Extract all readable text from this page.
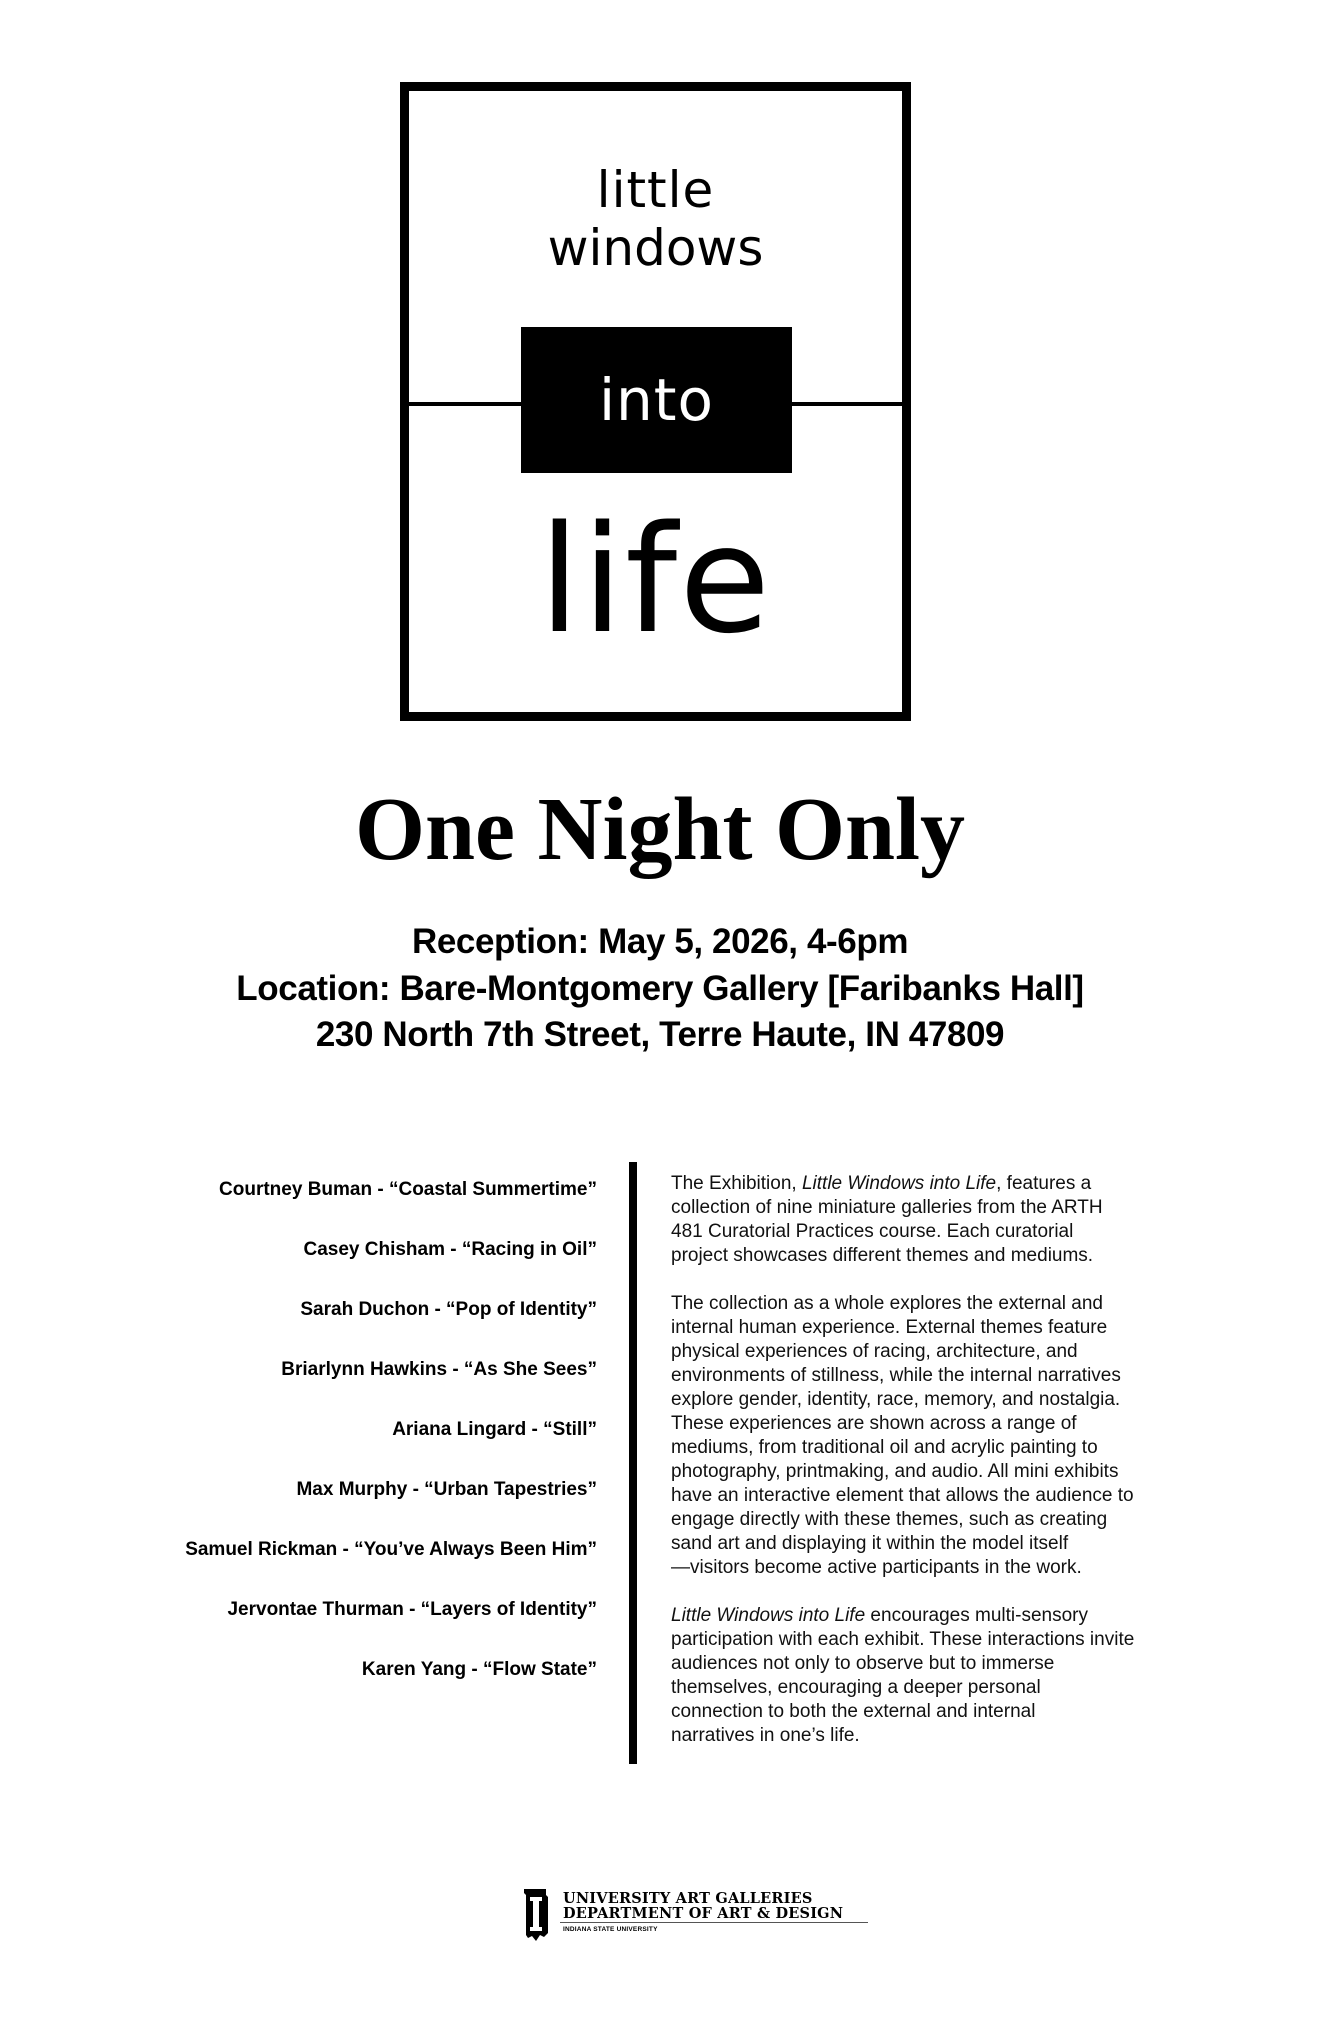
little
windows
into
life
One Night Only
Reception: May 5, 2026, 4-6pm
Location: Bare-Montgomery Gallery [Faribanks Hall]
230 North 7th Street, Terre Haute, IN 47809
Courtney Buman - “Coastal Summertime”
Casey Chisham - “Racing in Oil”
Sarah Duchon - “Pop of Identity”
Briarlynn Hawkins - “As She Sees”
Ariana Lingard - “Still”
Max Murphy - “Urban Tapestries”
Samuel Rickman - “You’ve Always Been Him”
Jervontae Thurman - “Layers of Identity”
Karen Yang - “Flow State”

The Exhibition, Little Windows into Life, features a
collection of nine miniature galleries from the ARTH
481 Curatorial Practices course. Each curatorial
project showcases different themes and mediums.

The collection as a whole explores the external and
internal human experience. External themes feature
physical experiences of racing, architecture, and
environments of stillness, while the internal narratives
explore gender, identity, race, memory, and nostalgia.
These experiences are shown across a range of
mediums, from traditional oil and acrylic painting to
photography, printmaking, and audio. All mini exhibits
have an interactive element that allows the audience to
engage directly with these themes, such as creating
sand art and displaying it within the model itself
—visitors become active participants in the work.

Little Windows into Life encourages multi-sensory
participation with each exhibit. These interactions invite
audiences not only to observe but to immerse
themselves, encouraging a deeper personal
connection to both the external and internal
narratives in one’s life.

UNIVERSITY ART GALLERIES
DEPARTMENT OF ART & DESIGN
INDIANA STATE UNIVERSITY
